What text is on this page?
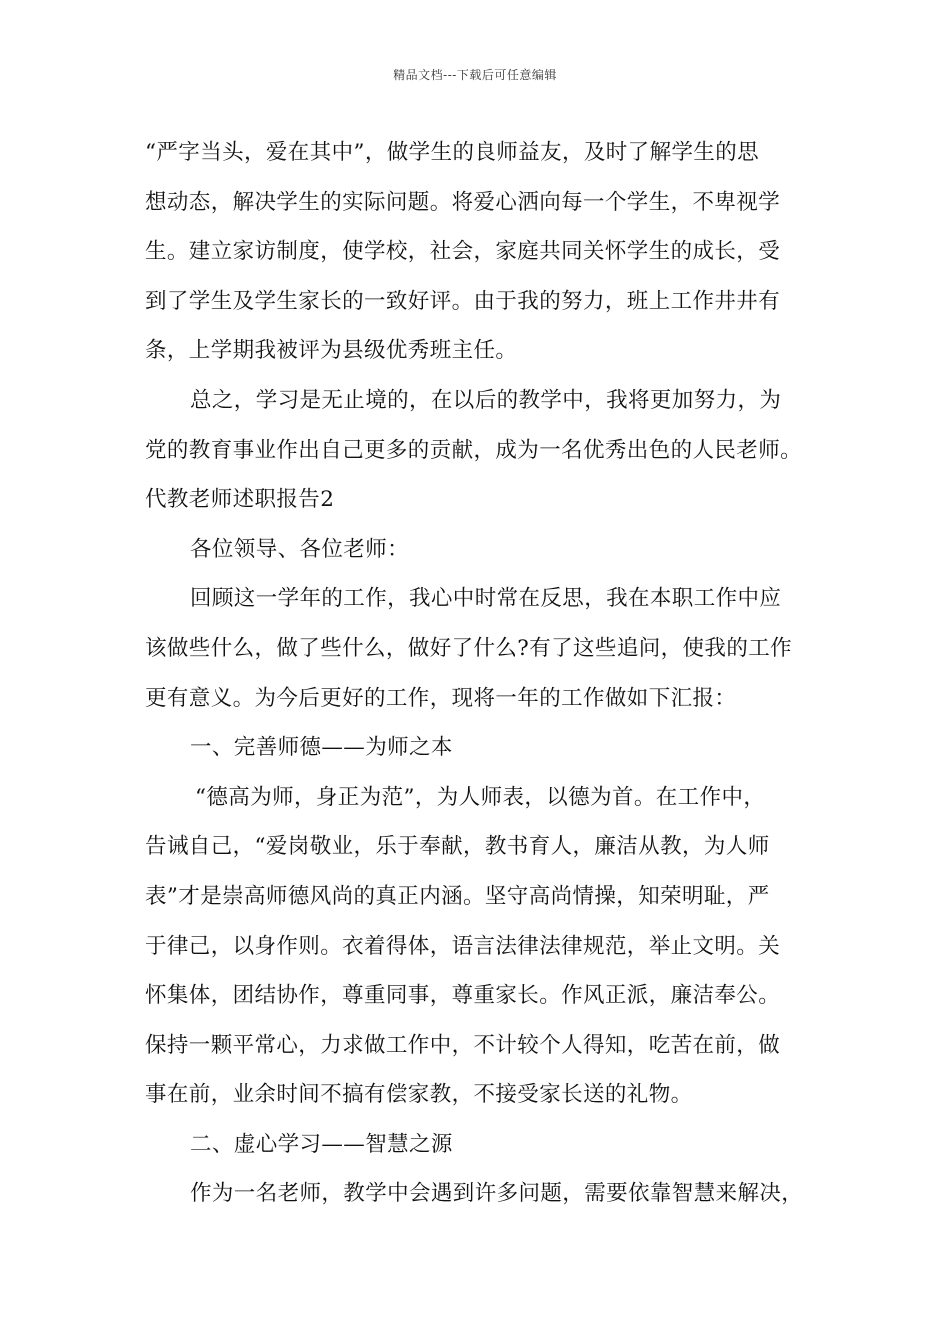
精品文档---下载后可任意编辑
“严字当头，爱在其中”，做学生的良师益友，及时了解学生的思
想动态，解决学生的实际问题。将爱心洒向每一个学生，不卑视学
生。建立家访制度，使学校，社会，家庭共同关怀学生的成长，受
到了学生及学生家长的一致好评。由于我的努力，班上工作井井有
条，上学期我被评为县级优秀班主任。
总之，学习是无止境的，在以后的教学中，我将更加努力，为
党的教育事业作出自己更多的贡献，成为一名优秀出色的人民老师。
代教老师述职报告2
各位领导、各位老师：
回顾这一学年的工作，我心中时常在反思，我在本职工作中应
该做些什么，做了些什么，做好了什么?有了这些追问，使我的工作
更有意义。为今后更好的工作，现将一年的工作做如下汇报：
一、完善师德——为师之本
“德高为师，身正为范”，为人师表，以德为首。在工作中，
告诫自己，“爱岗敬业，乐于奉献，教书育人，廉洁从教，为人师
表”才是崇高师德风尚的真正内涵。坚守高尚情操，知荣明耻，严
于律己，以身作则。衣着得体，语言法律法律规范，举止文明。关
怀集体，团结协作，尊重同事，尊重家长。作风正派，廉洁奉公。
保持一颗平常心，力求做工作中，不计较个人得知，吃苦在前，做
事在前，业余时间不搞有偿家教，不接受家长送的礼物。
二、虚心学习——智慧之源
作为一名老师，教学中会遇到许多问题，需要依靠智慧来解决，
